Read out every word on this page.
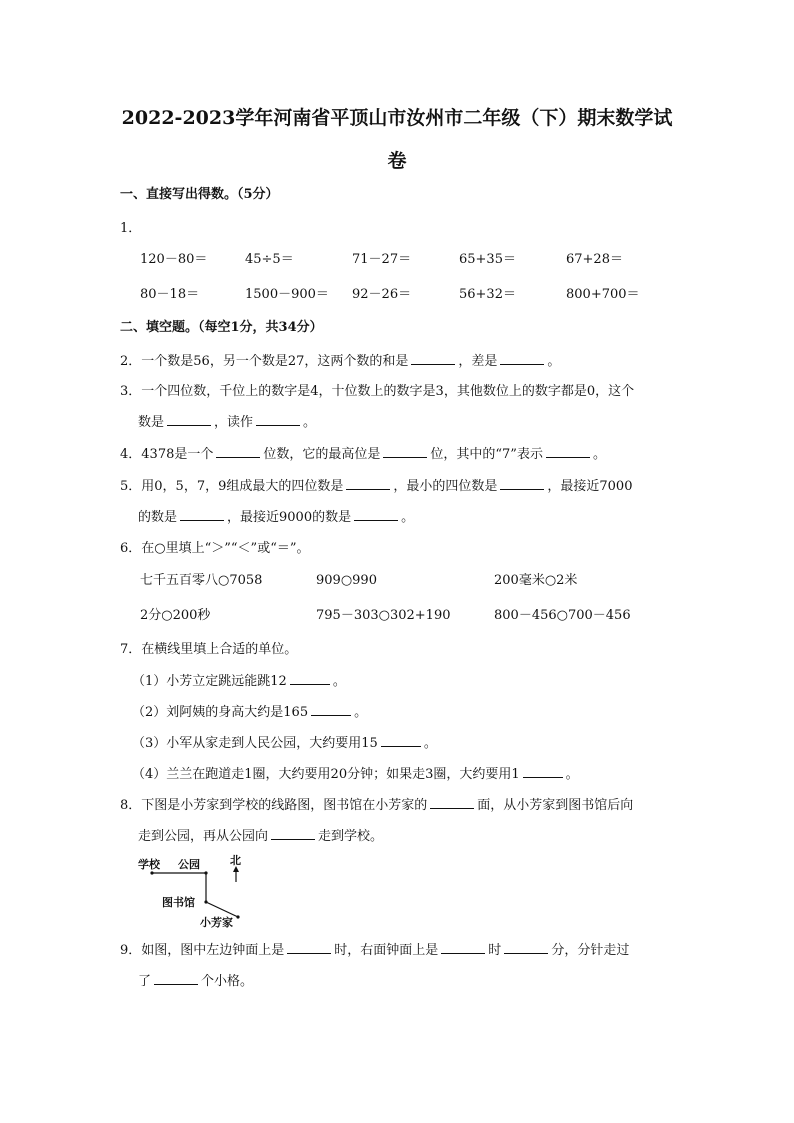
2022-2023学年河南省平顶山市汝州市二年级（下）期末数学试
卷
一、直接写出得数。（5分）
1．
120－80＝	45÷5＝	71－27＝	65+35＝	67+28＝
80－18＝	1500－900＝ 92－26＝	56+32＝	800+700＝
二、填空题。（每空1分，共34分）
2．一个数是56，另一个数是27，这两个数的和是	，差是	。
3．一个四位数，千位上的数字是4，十位数上的数字是3，其他数位上的数字都是0，这个
数是	，读作	。
4．4378是一个	位数，它的最高位是	位，其中的“7”表示	。
5．用0，5，7，9组成最大的四位数是	，最小的四位数是	，最接近7000
的数是	，最接近9000的数是	。
6．在○里填上“＞”“＜”或“＝”。
七千五百零八○7058	909○990	200毫米○2米
2分○200秒	795－303○302+190	800－456○700－456
7．在横线里填上合适的单位。
（1）小芳立定跳远能跳12	。
（2）刘阿姨的身高大约是165	。
（3）小军从家走到人民公园，大约要用15	。
（4）兰兰在跑道走1圈，大约要用20分钟；如果走3圈，大约要用1	。
8．下图是小芳家到学校的线路图，图书馆在小芳家的	面，从小芳家到图书馆后向
走到公园，再从公园向	走到学校。
学校 公园	北
图书馆
小芳家
9．如图，图中左边钟面上是	时，右面钟面上是	时	分，分针走过
了	个小格。
